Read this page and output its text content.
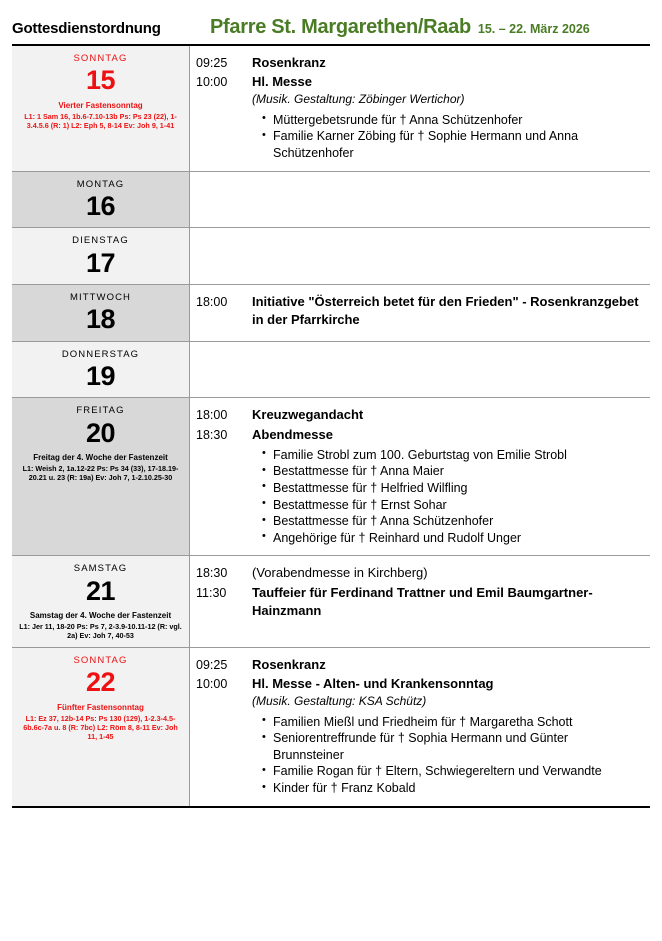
Gottesdienstordnung	Pfarre St. Margarethen/Raab 15. – 22. März 2026
SONNTAG
15
Vierter Fastensonntag
L1: 1 Sam 16, 1b.6-7.10-13b Ps: Ps 23 (22), 1-3.4.5.6 (R: 1) L2: Eph 5, 8-14 Ev: Joh 9, 1-41
09:25	Rosenkranz
10:00	Hl. Messe
(Musik. Gestaltung: Zöbinger Wertichor)
• Müttergebetsrunde für † Anna Schützenhofer
• Familie Karner Zöbing für † Sophie Hermann und Anna Schützenhofer
MONTAG
16
DIENSTAG
17
MITTWOCH
18
18:00	Initiative "Österreich betet für den Frieden" - Rosenkranzgebet in der Pfarrkirche
DONNERSTAG
19
FREITAG
20
Freitag der 4. Woche der Fastenzeit
L1: Weish 2, 1a.12-22 Ps: Ps 34 (33), 17-18.19-20.21 u. 23 (R: 19a) Ev: Joh 7, 1-2.10.25-30
18:00	Kreuzwegandacht
18:30	Abendmesse
• Familie Strobl zum 100. Geburtstag von Emilie Strobl
• Bestattmesse für † Anna Maier
• Bestattmesse für † Helfried Wilfling
• Bestattmesse für † Ernst Sohar
• Bestattmesse für † Anna Schützenhofer
• Angehörige für † Reinhard und Rudolf Unger
SAMSTAG
21
Samstag der 4. Woche der Fastenzeit
L1: Jer 11, 18-20 Ps: Ps 7, 2-3.9-10.11-12 (R: vgl. 2a) Ev: Joh 7, 40-53
18:30	(Vorabendmesse in Kirchberg)
11:30	Tauffeier für Ferdinand Trattner und Emil Baumgartner-Hainzmann
SONNTAG
22
Fünfter Fastensonntag
L1: Ez 37, 12b-14 Ps: Ps 130 (129), 1-2.3-4.5-6b.6c-7a u. 8 (R: 7bc) L2: Röm 8, 8-11 Ev: Joh 11, 1-45
09:25	Rosenkranz
10:00	Hl. Messe - Alten- und Krankensonntag
(Musik. Gestaltung: KSA Schütz)
• Familien Mießl und Friedheim für † Margaretha Schott
• Seniorentreffrunde für † Sophia Hermann und Günter Brunnsteiner
• Familie Rogan für † Eltern, Schwiegereltern und Verwandte
• Kinder für † Franz Kobald
